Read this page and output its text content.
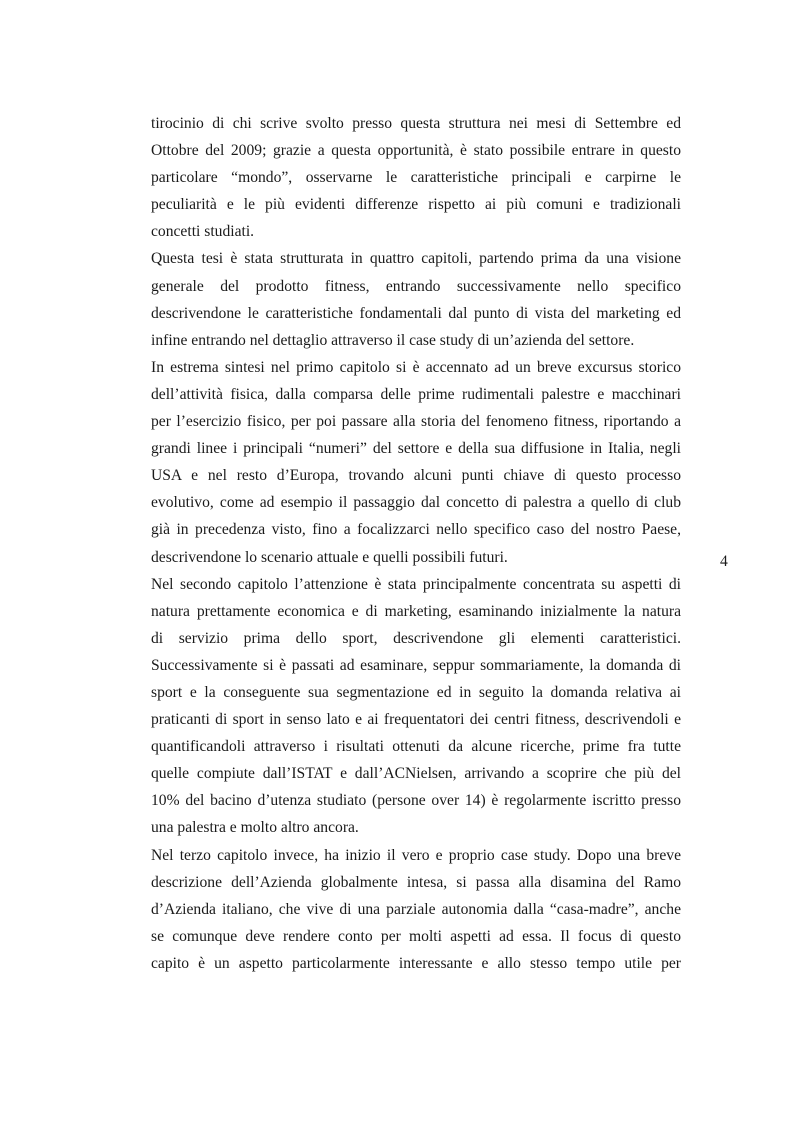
tirocinio di chi scrive svolto presso questa struttura nei mesi di Settembre ed
Ottobre del 2009; grazie a questa opportunità, è stato possibile entrare in questo
particolare “mondo”, osservarne le caratteristiche principali e carpirne le
peculiarità e le più evidenti differenze rispetto ai più comuni e tradizionali
concetti studiati.
Questa tesi è stata strutturata in quattro capitoli, partendo prima da una visione
generale del prodotto fitness, entrando successivamente nello specifico
descrivendone le caratteristiche fondamentali dal punto di vista del marketing ed
infine entrando nel dettaglio attraverso il case study di un’azienda del settore.
In estrema sintesi nel primo capitolo si è accennato ad un breve excursus storico
dell’attività fisica, dalla comparsa delle prime rudimentali palestre e macchinari
per l’esercizio fisico, per poi passare alla storia del fenomeno fitness, riportando a
grandi linee i principali “numeri” del settore e della sua diffusione in Italia, negli
USA e nel resto d’Europa, trovando alcuni punti chiave di questo processo
evolutivo, come ad esempio il passaggio dal concetto di palestra a quello di club
già in precedenza visto, fino a focalizzarci nello specifico caso del nostro Paese,
descrivendone lo scenario attuale e quelli possibili futuri.
Nel secondo capitolo l’attenzione è stata principalmente concentrata su aspetti di
natura prettamente economica e di marketing, esaminando inizialmente la natura
di servizio prima dello sport, descrivendone gli elementi caratteristici.
Successivamente si è passati ad esaminare, seppur sommariamente, la domanda di
sport e la conseguente sua segmentazione ed in seguito la domanda relativa ai
praticanti di sport in senso lato e ai frequentatori dei centri fitness, descrivendoli e
quantificandoli attraverso i risultati ottenuti da alcune ricerche, prime fra tutte
quelle compiute dall’ISTAT e dall’ACNielsen, arrivando a scoprire che più del
10% del bacino d’utenza studiato (persone over 14) è regolarmente iscritto presso
una palestra e molto altro ancora.
Nel terzo capitolo invece, ha inizio il vero e proprio case study. Dopo una breve
descrizione dell’Azienda globalmente intesa, si passa alla disamina del Ramo
d’Azienda italiano, che vive di una parziale autonomia dalla “casa-madre”, anche
se comunque deve rendere conto per molti aspetti ad essa. Il focus di questo
capito è un aspetto particolarmente interessante e allo stesso tempo utile per
4
